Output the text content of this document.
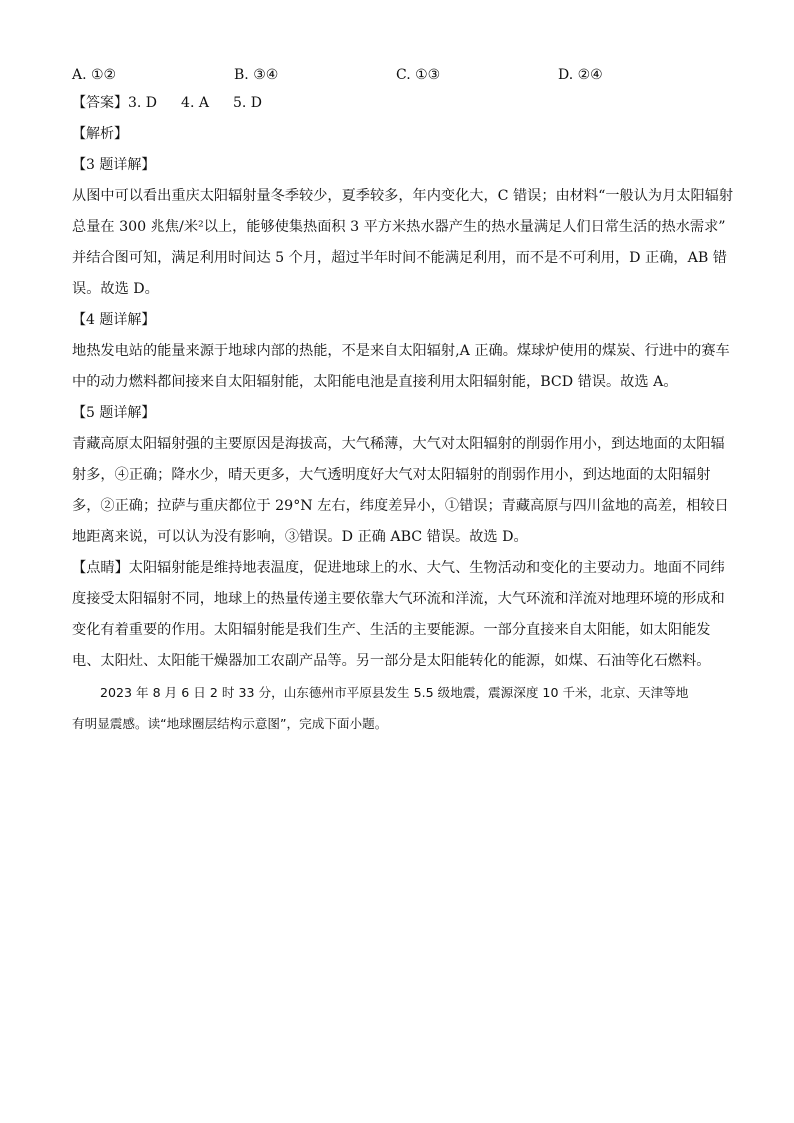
A. ①②	B. ③④	C. ①③	D. ②④
【答案】3. D 4. A 5. D
【解析】
【3 题详解】
从图中可以看出重庆太阳辐射量冬季较少，夏季较多，年内变化大，C 错误；由材料“一般认为月太阳辐射
总量在 300 兆焦/米²以上，能够使集热面积 3 平方米热水器产生的热水量满足人们日常生活的热水需求”
并结合图可知，满足利用时间达 5 个月，超过半年时间不能满足利用，而不是不可利用，D 正确，AB 错
误。故选 D。
【4 题详解】
地热发电站的能量来源于地球内部的热能，不是来自太阳辐射,A 正确。煤球炉使用的煤炭、行进中的赛车
中的动力燃料都间接来自太阳辐射能，太阳能电池是直接利用太阳辐射能，BCD 错误。故选 A。
【5 题详解】
青藏高原太阳辐射强的主要原因是海拔高，大气稀薄，大气对太阳辐射的削弱作用小，到达地面的太阳辐
射多，④正确；降水少，晴天更多，大气透明度好大气对太阳辐射的削弱作用小，到达地面的太阳辐射
多，②正确；拉萨与重庆都位于 29°N 左右，纬度差异小，①错误；青藏高原与四川盆地的高差，相较日
地距离来说，可以认为没有影响，③错误。D 正确 ABC 错误。故选 D。
【点睛】太阳辐射能是维持地表温度，促进地球上的水、大气、生物活动和变化的主要动力。地面不同纬
度接受太阳辐射不同，地球上的热量传递主要依靠大气环流和洋流，大气环流和洋流对地理环境的形成和
变化有着重要的作用。太阳辐射能是我们生产、生活的主要能源。一部分直接来自太阳能，如太阳能发
电、太阳灶、太阳能干燥器加工农副产品等。另一部分是太阳能转化的能源，如煤、石油等化石燃料。
2023 年 8 月 6 日 2 时 33 分，山东德州市平原县发生 5.5 级地震，震源深度 10 千米，北京、天津等地
有明显震感。读“地球圈层结构示意图”，完成下面小题。
